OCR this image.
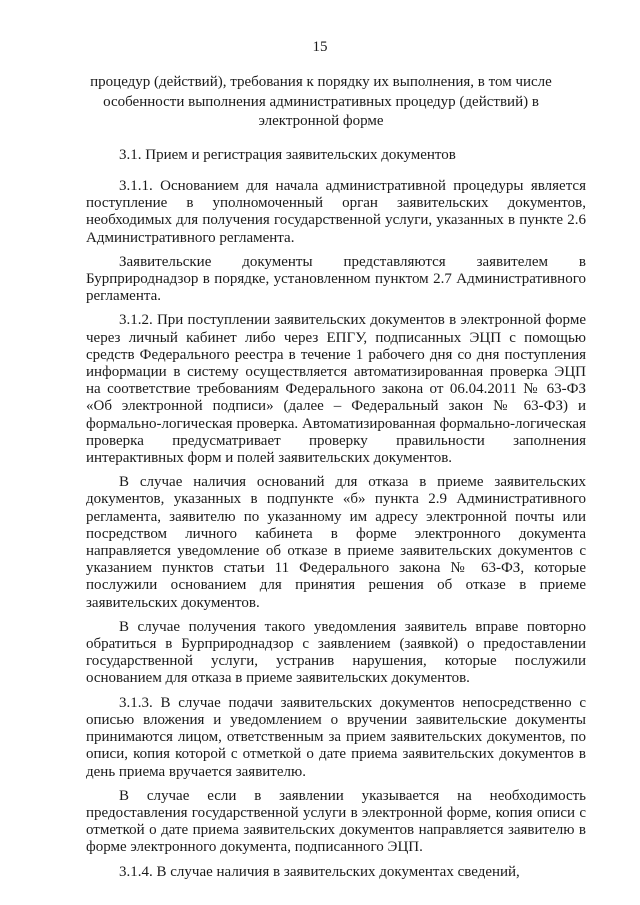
15
процедур (действий), требования к порядку их выполнения, в том числе особенности выполнения административных процедур (действий) в электронной форме
3.1. Прием и регистрация заявительских документов

3.1.1. Основанием для начала административной процедуры является поступление в уполномоченный орган заявительских документов, необходимых для получения государственной услуги, указанных в пункте 2.6 Административного регламента.

Заявительские документы представляются заявителем в Бурприроднадзор в порядке, установленном пунктом 2.7 Административного регламента.

3.1.2. При поступлении заявительских документов в электронной форме через личный кабинет либо через ЕПГУ, подписанных ЭЦП с помощью средств Федерального реестра в течение 1 рабочего дня со дня поступления информации в систему осуществляется автоматизированная проверка ЭЦП на соответствие требованиям Федерального закона от 06.04.2011 № 63-ФЗ «Об электронной подписи» (далее – Федеральный закон № 63-ФЗ) и формально-логическая проверка. Автоматизированная формально-логическая проверка предусматривает проверку правильности заполнения интерактивных форм и полей заявительских документов.

В случае наличия оснований для отказа в приеме заявительских документов, указанных в подпункте «б» пункта 2.9 Административного регламента, заявителю по указанному им адресу электронной почты или посредством личного кабинета в форме электронного документа направляется уведомление об отказе в приеме заявительских документов с указанием пунктов статьи 11 Федерального закона № 63-ФЗ, которые послужили основанием для принятия решения об отказе в приеме заявительских документов.

В случае получения такого уведомления заявитель вправе повторно обратиться в Бурприроднадзор с заявлением (заявкой) о предоставлении государственной услуги, устранив нарушения, которые послужили основанием для отказа в приеме заявительских документов.

3.1.3. В случае подачи заявительских документов непосредственно с описью вложения и уведомлением о вручении заявительские документы принимаются лицом, ответственным за прием заявительских документов, по описи, копия которой с отметкой о дате приема заявительских документов в день приема вручается заявителю.

В случае если в заявлении указывается на необходимость предоставления государственной услуги в электронной форме, копия описи с отметкой о дате приема заявительских документов направляется заявителю в форме электронного документа, подписанного ЭЦП.

3.1.4. В случае наличия в заявительских документах сведений,
